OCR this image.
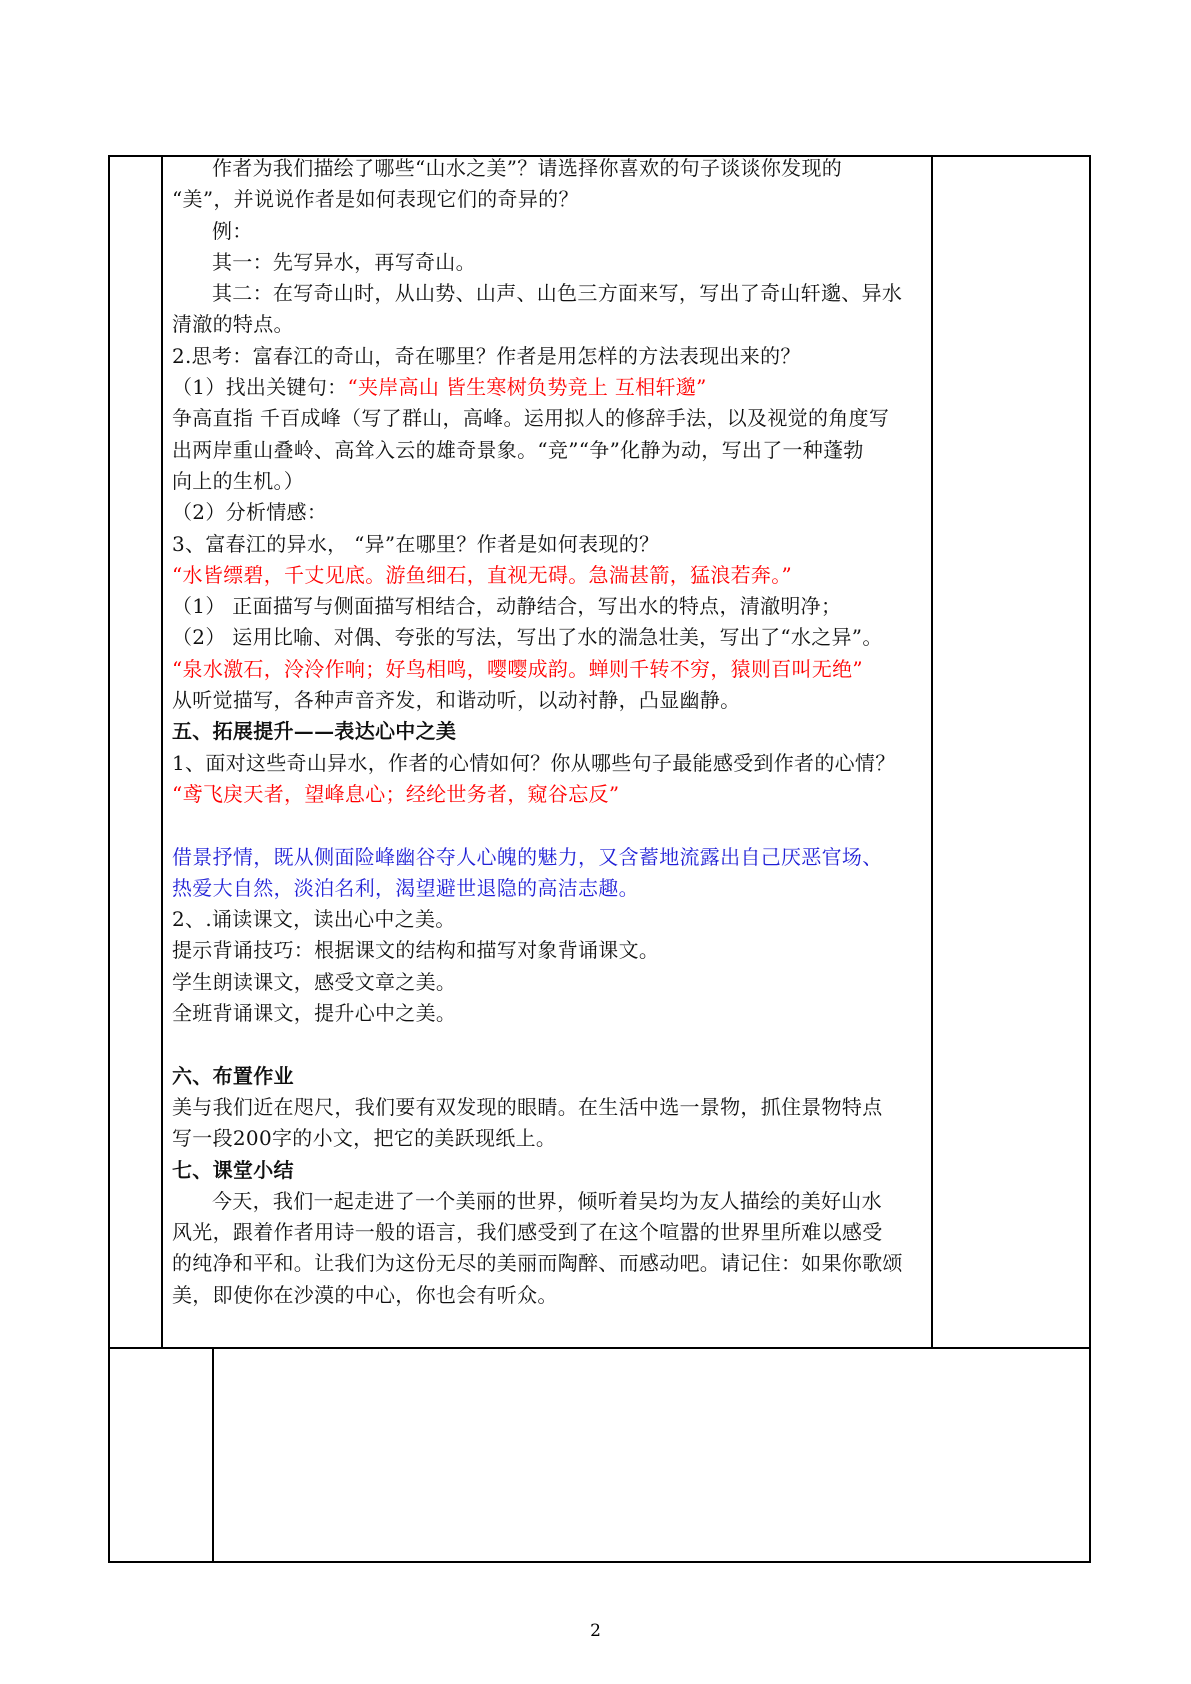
作者为我们描绘了哪些“山水之美”？请选择你喜欢的句子谈谈你发现的

“美”，并说说作者是如何表现它们的奇异的？

例：

其一：先写异水，再写奇山。

其二：在写奇山时，从山势、山声、山色三方面来写，写出了奇山轩邈、异水

清澈的特点。

2.思考：富春江的奇山，奇在哪里？作者是用怎样的方法表现出来的？

（1）找出关键句：“夹岸高山 皆生寒树负势竞上 互相轩邈”

争高直指 千百成峰（写了群山，高峰。运用拟人的修辞手法，以及视觉的角度写

出两岸重山叠岭、高耸入云的雄奇景象。“竞”“争”化静为动，写出了一种蓬勃

向上的生机。）

（2）分析情感：

3、富春江的异水， “异”在哪里？作者是如何表现的？

“水皆缥碧，千丈见底。游鱼细石，直视无碍。急湍甚箭，猛浪若奔。”

（1） 正面描写与侧面描写相结合，动静结合，写出水的特点，清澈明净；

（2） 运用比喻、对偶、夸张的写法，写出了水的湍急壮美，写出了“水之异”。

“泉水激石，泠泠作响；好鸟相鸣，嘤嘤成韵。蝉则千转不穷，猿则百叫无绝”

从听觉描写，各种声音齐发，和谐动听，以动衬静，凸显幽静。

五、拓展提升——表达心中之美

1、面对这些奇山异水，作者的心情如何？你从哪些句子最能感受到作者的心情？

“鸢飞戾天者，望峰息心；经纶世务者，窥谷忘反”

借景抒情，既从侧面险峰幽谷夺人心魄的魅力，又含蓄地流露出自己厌恶官场、

热爱大自然，淡泊名利，渴望避世退隐的高洁志趣。

2、.诵读课文，读出心中之美。

提示背诵技巧：根据课文的结构和描写对象背诵课文。

学生朗读课文，感受文章之美。

全班背诵课文，提升心中之美。

六、布置作业

美与我们近在咫尺，我们要有双发现的眼睛。在生活中选一景物，抓住景物特点

写一段200字的小文，把它的美跃现纸上。

七、课堂小结

今天，我们一起走进了一个美丽的世界，倾听着吴均为友人描绘的美好山水

风光，跟着作者用诗一般的语言，我们感受到了在这个喧嚣的世界里所难以感受

的纯净和平和。让我们为这份无尽的美丽而陶醉、而感动吧。请记住：如果你歌颂

美，即使你在沙漠的中心，你也会有听众。

2
